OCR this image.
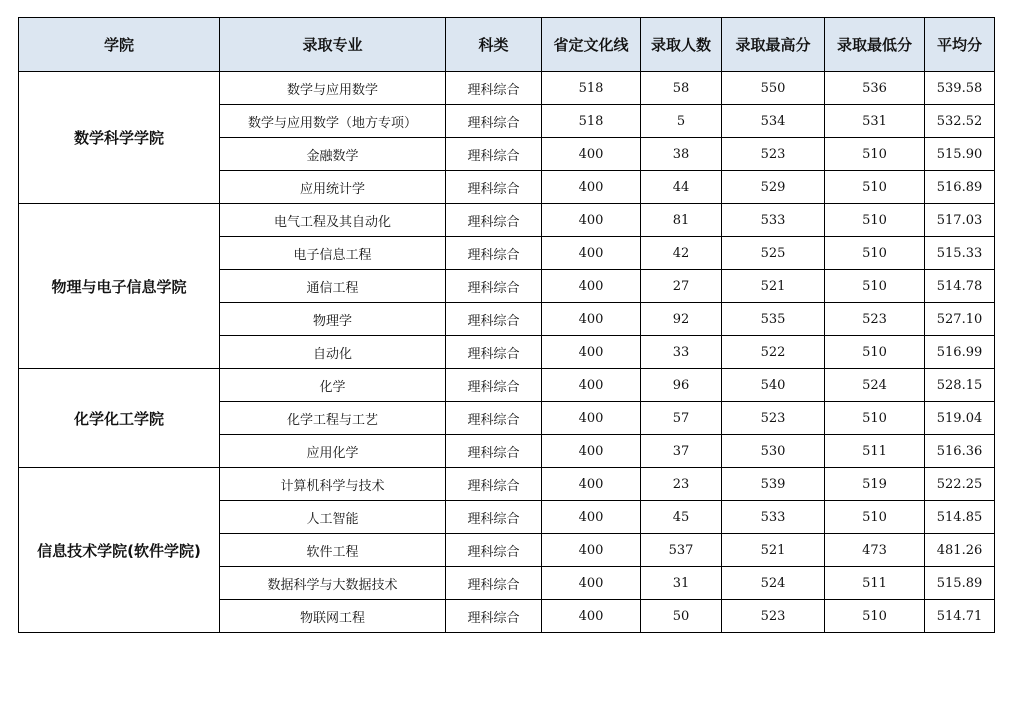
学院	录取专业	科类	省定文化线	录取人数	录取最高分	录取最低分	平均分
数学科学学院	数学与应用数学	理科综合	518	58	550	536	539.58
	数学与应用数学（地方专项）	理科综合	518	5	534	531	532.52
	金融数学	理科综合	400	38	523	510	515.90
	应用统计学	理科综合	400	44	529	510	516.89
物理与电子信息学院	电气工程及其自动化	理科综合	400	81	533	510	517.03
	电子信息工程	理科综合	400	42	525	510	515.33
	通信工程	理科综合	400	27	521	510	514.78
	物理学	理科综合	400	92	535	523	527.10
	自动化	理科综合	400	33	522	510	516.99
化学化工学院	化学	理科综合	400	96	540	524	528.15
	化学工程与工艺	理科综合	400	57	523	510	519.04
	应用化学	理科综合	400	37	530	511	516.36
信息技术学院(软件学院)	计算机科学与技术	理科综合	400	23	539	519	522.25
	人工智能	理科综合	400	45	533	510	514.85
	软件工程	理科综合	400	537	521	473	481.26
	数据科学与大数据技术	理科综合	400	31	524	511	515.89
	物联网工程	理科综合	400	50	523	510	514.71
